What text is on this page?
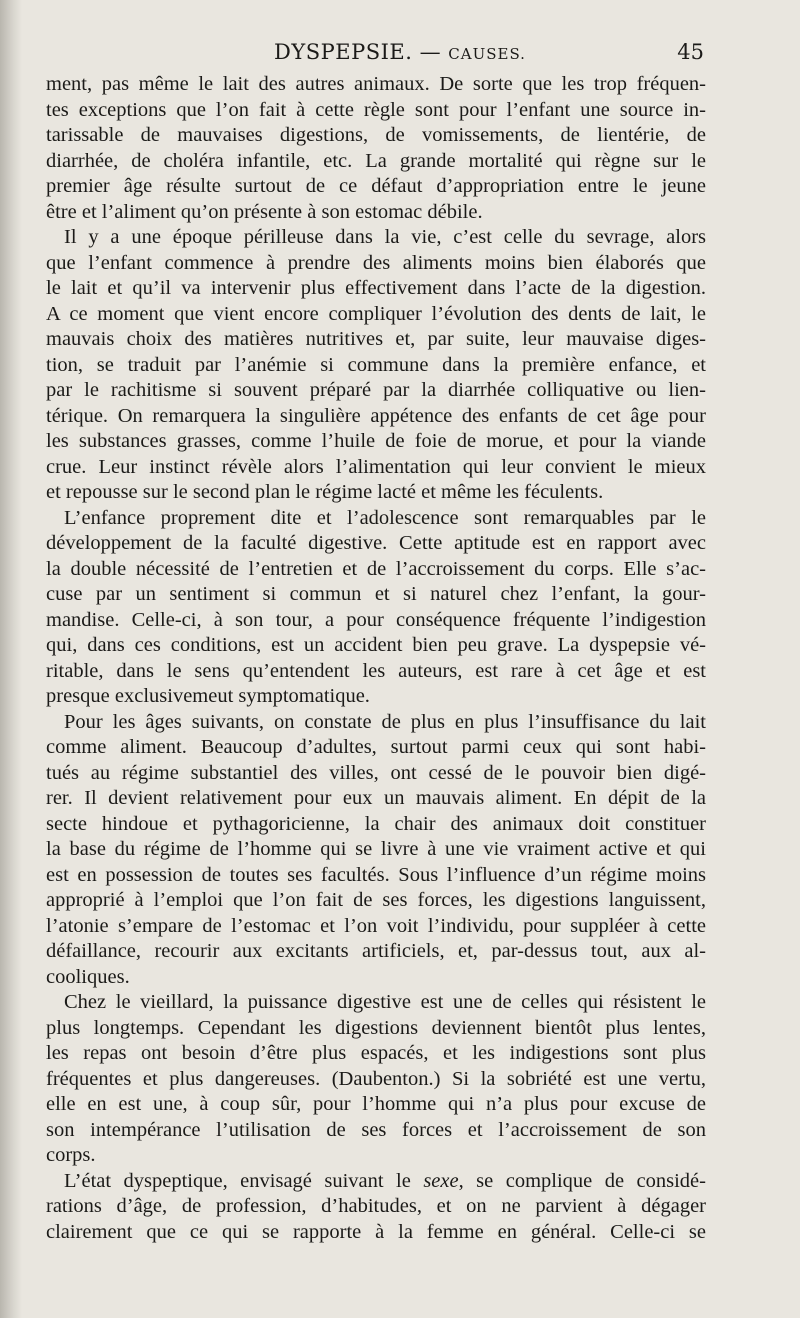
DYSPEPSIE. — CAUSES.	45
ment, pas même le lait des autres animaux. De sorte que les trop fréquen-
tes exceptions que l’on fait à cette règle sont pour l’enfant une source in-
tarissable de mauvaises digestions, de vomissements, de lientérie, de
diarrhée, de choléra infantile, etc. La grande mortalité qui règne sur le
premier âge résulte surtout de ce défaut d’appropriation entre le jeune
être et l’aliment qu’on présente à son estomac débile.
Il y a une époque périlleuse dans la vie, c’est celle du sevrage, alors
que l’enfant commence à prendre des aliments moins bien élaborés que
le lait et qu’il va intervenir plus effectivement dans l’acte de la digestion.
A ce moment que vient encore compliquer l’évolution des dents de lait, le
mauvais choix des matières nutritives et, par suite, leur mauvaise diges-
tion, se traduit par l’anémie si commune dans la première enfance, et
par le rachitisme si souvent préparé par la diarrhée colliquative ou lien-
térique. On remarquera la singulière appétence des enfants de cet âge pour
les substances grasses, comme l’huile de foie de morue, et pour la viande
crue. Leur instinct révèle alors l’alimentation qui leur convient le mieux
et repousse sur le second plan le régime lacté et même les féculents.
L’enfance proprement dite et l’adolescence sont remarquables par le
développement de la faculté digestive. Cette aptitude est en rapport avec
la double nécessité de l’entretien et de l’accroissement du corps. Elle s’ac-
cuse par un sentiment si commun et si naturel chez l’enfant, la gour-
mandise. Celle-ci, à son tour, a pour conséquence fréquente l’indigestion
qui, dans ces conditions, est un accident bien peu grave. La dyspepsie vé-
ritable, dans le sens qu’entendent les auteurs, est rare à cet âge et est
presque exclusivemeut symptomatique.
Pour les âges suivants, on constate de plus en plus l’insuffisance du lait
comme aliment. Beaucoup d’adultes, surtout parmi ceux qui sont habi-
tués au régime substantiel des villes, ont cessé de le pouvoir bien digé-
rer. Il devient relativement pour eux un mauvais aliment. En dépit de la
secte hindoue et pythagoricienne, la chair des animaux doit constituer
la base du régime de l’homme qui se livre à une vie vraiment active et qui
est en possession de toutes ses facultés. Sous l’influence d’un régime moins
approprié à l’emploi que l’on fait de ses forces, les digestions languissent,
l’atonie s’empare de l’estomac et l’on voit l’individu, pour suppléer à cette
défaillance, recourir aux excitants artificiels, et, par-dessus tout, aux al-
cooliques.
Chez le vieillard, la puissance digestive est une de celles qui résistent le
plus longtemps. Cependant les digestions deviennent bientôt plus lentes,
les repas ont besoin d’être plus espacés, et les indigestions sont plus
fréquentes et plus dangereuses. (Daubenton.) Si la sobriété est une vertu,
elle en est une, à coup sûr, pour l’homme qui n’a plus pour excuse de
son intempérance l’utilisation de ses forces et l’accroissement de son
corps.
L’état dyspeptique, envisagé suivant le sexe, se complique de considé-
rations d’âge, de profession, d’habitudes, et on ne parvient à dégager
clairement que ce qui se rapporte à la femme en général. Celle-ci se
